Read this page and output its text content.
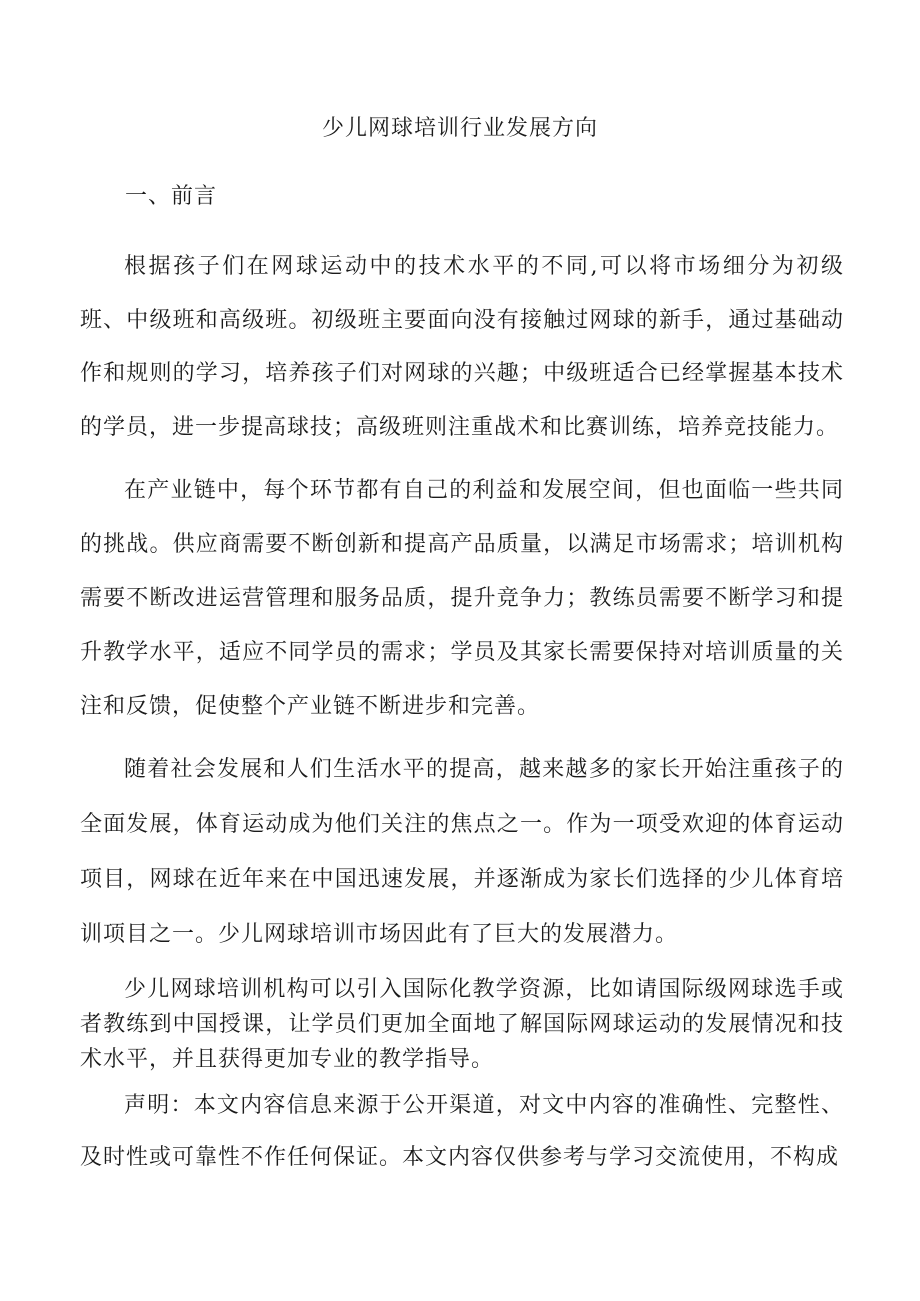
少儿网球培训行业发展方向
一、前言

根据孩子们在网球运动中的技术水平的不同,可以将市场细分为初级班、中级班和高级班。初级班主要面向没有接触过网球的新手，通过基础动作和规则的学习，培养孩子们对网球的兴趣；中级班适合已经掌握基本技术的学员，进一步提高球技；高级班则注重战术和比赛训练，培养竞技能力。

在产业链中，每个环节都有自己的利益和发展空间，但也面临一些共同的挑战。供应商需要不断创新和提高产品质量，以满足市场需求；培训机构需要不断改进运营管理和服务品质，提升竞争力；教练员需要不断学习和提升教学水平，适应不同学员的需求；学员及其家长需要保持对培训质量的关注和反馈，促使整个产业链不断进步和完善。

随着社会发展和人们生活水平的提高，越来越多的家长开始注重孩子的全面发展，体育运动成为他们关注的焦点之一。作为一项受欢迎的体育运动项目，网球在近年来在中国迅速发展，并逐渐成为家长们选择的少儿体育培训项目之一。少儿网球培训市场因此有了巨大的发展潜力。

少儿网球培训机构可以引入国际化教学资源，比如请国际级网球选手或者教练到中国授课，让学员们更加全面地了解国际网球运动的发展情况和技术水平，并且获得更加专业的教学指导。

声明：本文内容信息来源于公开渠道，对文中内容的准确性、完整性、及时性或可靠性不作任何保证。本文内容仅供参考与学习交流使用，不构成
